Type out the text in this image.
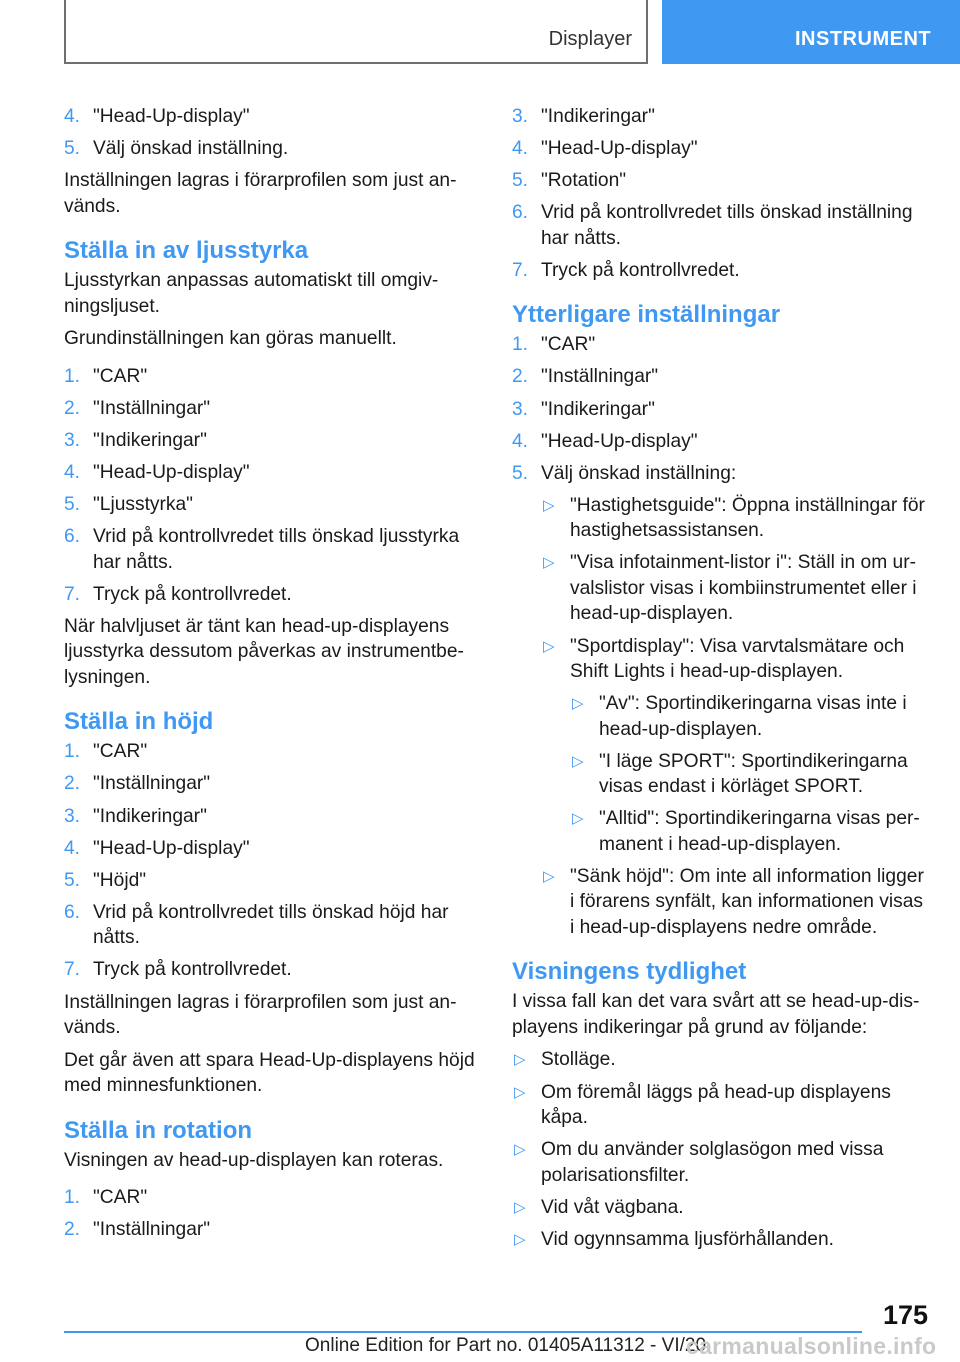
Displayer	INSTRUMENT
4. "Head-Up-display"
5. Välj önskad inställning.

Inställningen lagras i förarprofilen som just används.

Ställa in av ljusstyrka

Ljusstyrkan anpassas automatiskt till omgivningsljuset.

Grundinställningen kan göras manuellt.

1. "CAR"
2. "Inställningar"
3. "Indikeringar"
4. "Head-Up-display"
5. "Ljusstyrka"
6. Vrid på kontrollvredet tills önskad ljusstyrka har nåtts.
7. Tryck på kontrollvredet.

När halvljuset är tänt kan head-up-displayens ljusstyrka dessutom påverkas av instrumentbelysningen.

Ställa in höjd
1. "CAR"
2. "Inställningar"
3. "Indikeringar"
4. "Head-Up-display"
5. "Höjd"
6. Vrid på kontrollvredet tills önskad höjd har nåtts.
7. Tryck på kontrollvredet.

Inställningen lagras i förarprofilen som just används.

Det går även att spara Head-Up-displayens höjd med minnesfunktionen.

Ställa in rotation

Visningen av head-up-displayen kan roteras.

1. "CAR"
2. "Inställningar"
3. "Indikeringar"
4. "Head-Up-display"
5. "Rotation"
6. Vrid på kontrollvredet tills önskad inställning har nåtts.
7. Tryck på kontrollvredet.
Ytterligare inställningar
1. "CAR"
2. "Inställningar"
3. "Indikeringar"
4. "Head-Up-display"
5. Välj önskad inställning:
▷ "Hastighetsguide": Öppna inställningar för hastighetsassistansen.
▷ "Visa infotainment-listor i": Ställ in om urvalslistor visas i kombiinstrumentet eller i head-up-displayen.
▷ "Sportdisplay": Visa varvtalsmätare och Shift Lights i head-up-displayen.
▷ "Av": Sportindikeringarna visas inte i head-up-displayen.
▷ "I läge SPORT": Sportindikeringarna visas endast i körläget SPORT.
▷ "Alltid": Sportindikeringarna visas permanent i head-up-displayen.
▷ "Sänk höjd": Om inte all information ligger i förarens synfält, kan informationen visas i head-up-displayens nedre område.
Visningens tydlighet

I vissa fall kan det vara svårt att se head-up-displayens indikeringar på grund av följande:

▷ Stolläge.
▷ Om föremål läggs på head-up displayens kåpa.
▷ Om du använder solglasögon med vissa polarisationsfilter.
▷ Vid våt vägbana.
▷ Vid ogynnsamma ljusförhållanden.
175
Online Edition for Part no. 01405A11312 - VI/20
carmanualsonline.info
